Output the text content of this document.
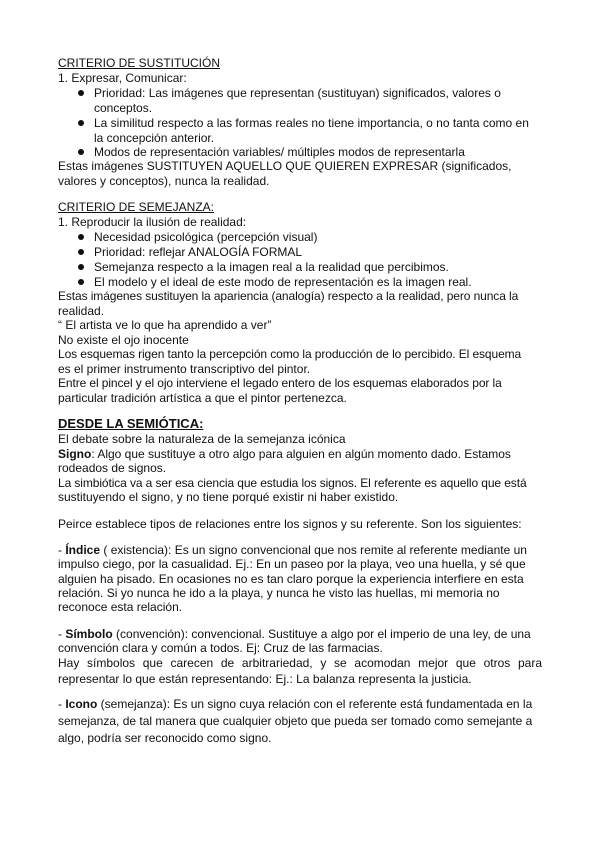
CRITERIO DE SUSTITUCIÓN

1. Expresar, Comunicar:

Prioridad: Las imágenes que representan (sustituyan) significados, valores o

conceptos.

La similitud respecto a las formas reales no tiene importancia, o no tanta como en

la concepción anterior.

Modos de representación variables/ múltiples modos de representarla

Estas imágenes SUSTITUYEN AQUELLO QUE QUIEREN EXPRESAR (significados,

valores y conceptos), nunca la realidad.

CRITERIO DE SEMEJANZA:

1. Reproducir la ilusión de realidad:

Necesidad psicológica (percepción visual)

Prioridad: reflejar ANALOGÍA FORMAL

Semejanza respecto a la imagen real a la realidad que percibimos.

El modelo y el ideal de este modo de representación es la imagen real.

Estas imágenes sustituyen la apariencia (analogía) respecto a la realidad, pero nunca la

realidad.

“ El artista ve lo que ha aprendido a ver”

No existe el ojo inocente

Los esquemas rigen tanto la percepción como la producción de lo percibido. El esquema

es el primer instrumento transcriptivo del pintor.

Entre el pincel y el ojo interviene el legado entero de los esquemas elaborados por la

particular tradición artística a que el pintor pertenezca.

DESDE LA SEMIÓTICA:

El debate sobre la naturaleza de la semejanza icónica

Signo: Algo que sustituye a otro algo para alguien en algún momento dado. Estamos

rodeados de signos.

La simbiótica va a ser esa ciencia que estudia los signos. El referente es aquello que está

sustituyendo el signo, y no tiene porqué existir ni haber existido.

Peirce establece tipos de relaciones entre los signos y su referente. Son los siguientes:

- Índice ( existencia): Es un signo convencional que nos remite al referente mediante un

impulso ciego, por la casualidad. Ej.: En un paseo por la playa, veo una huella, y sé que

alguien ha pisado. En ocasiones no es tan claro porque la experiencia interfiere en esta

relación. Si yo nunca he ido a la playa, y nunca he visto las huellas, mi memoria no

reconoce esta relación.

- Símbolo (convención): convencional. Sustituye a algo por el imperio de una ley, de una

convención clara y común a todos. Ej: Cruz de las farmacias.

Hay símbolos que carecen de arbitrariedad, y se acomodan mejor que otros para

representar lo que están representando: Ej.: La balanza representa la justicia.

- Icono (semejanza): Es un signo cuya relación con el referente está fundamentada en la

semejanza, de tal manera que cualquier objeto que pueda ser tomado como semejante a

algo, podría ser reconocido como signo.
